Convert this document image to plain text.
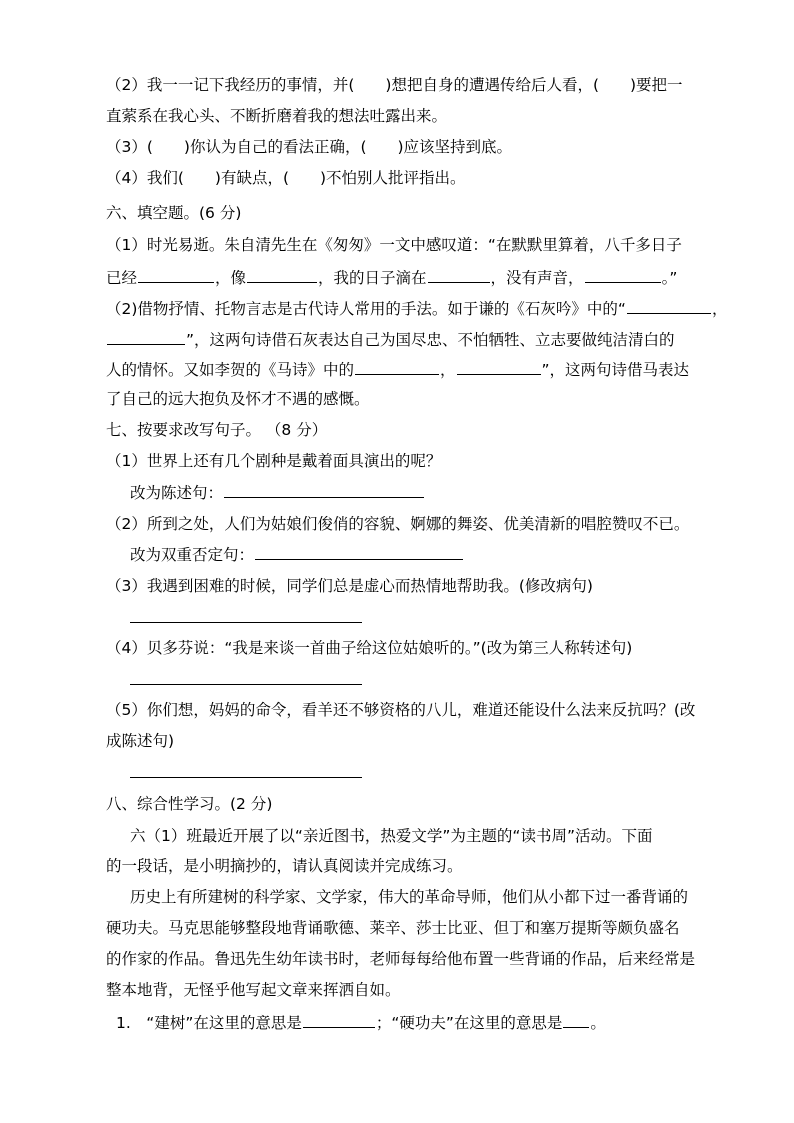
（2）我一一记下我经历的事情，并(　　)想把自身的遭遇传给后人看，(　　)要把一
直萦系在我心头、不断折磨着我的想法吐露出来。
（3）(　　)你认为自己的看法正确，(　　)应该坚持到底。
（4）我们(　　)有缺点，(　　)不怕别人批评指出。
六、填空题。(6 分)
（1）时光易逝。朱自清先生在《匆匆》一文中感叹道：“在默默里算着，八千多日子
已经	，像	，我的日子滴在	，没有声音，	。”
（2)借物抒情、托物言志是古代诗人常用的手法。如于谦的《石灰吟》中的“	，
”，这两句诗借石灰表达自己为国尽忠、不怕牺牲、立志要做纯洁清白的
人的情怀。又如李贺的《马诗》中的	，	”，这两句诗借马表达
了自己的远大抱负及怀才不遇的感慨。
七、按要求改写句子。 （8 分）
（1）世界上还有几个剧种是戴着面具演出的呢？
改为陈述句：
（2）所到之处，人们为姑娘们俊俏的容貌、婀娜的舞姿、优美清新的唱腔赞叹不已。
改为双重否定句：
（3）我遇到困难的时候，同学们总是虚心而热情地帮助我。(修改病句)
（4）贝多芬说：“我是来谈一首曲子给这位姑娘听的。”(改为第三人称转述句)
（5）你们想，妈妈的命令，看羊还不够资格的八儿，难道还能设什么法来反抗吗？(改
成陈述句)
八、综合性学习。(2 分)
六（1）班最近开展了以“亲近图书，热爱文学”为主题的“读书周”活动。下面
的一段话，是小明摘抄的，请认真阅读并完成练习。
历史上有所建树的科学家、文学家，伟大的革命导师，他们从小都下过一番背诵的
硬功夫。马克思能够整段地背诵歌德、莱辛、莎士比亚、但丁和塞万提斯等颇负盛名
的作家的作品。鲁迅先生幼年读书时，老师每每给他布置一些背诵的作品，后来经常是
整本地背，无怪乎他写起文章来挥洒自如。
1.　“建树”在这里的意思是	；“硬功夫”在这里的意思是 。
